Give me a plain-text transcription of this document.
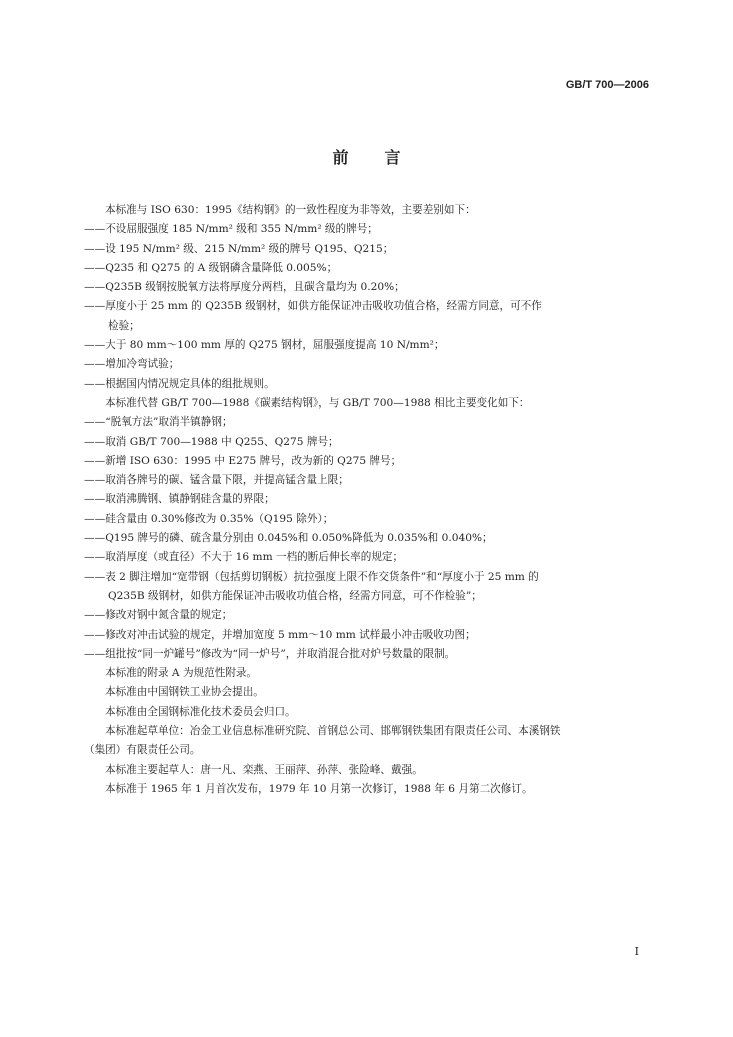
GB/T 700—2006
前 言

本标准与 ISO 630：1995《结构钢》的一致性程度为非等效，主要差别如下：

——不设屈服强度 185 N/mm² 级和 355 N/mm² 级的牌号；

——设 195 N/mm² 级、215 N/mm² 级的牌号 Q195、Q215；

——Q235 和 Q275 的 A 级钢磷含量降低 0.005%；

——Q235B 级钢按脱氧方法将厚度分两档，且碳含量均为 0.20%；

——厚度小于 25 mm 的 Q235B 级钢材，如供方能保证冲击吸收功值合格，经需方同意，可不作

检验；

——大于 80 mm～100 mm 厚的 Q275 钢材，屈服强度提高 10 N/mm²；

——增加冷弯试验；

——根据国内情况规定具体的组批规则。

本标准代替 GB/T 700—1988《碳素结构钢》，与 GB/T 700—1988 相比主要变化如下：

——“脱氧方法”取消半镇静钢；

——取消 GB/T 700—1988 中 Q255、Q275 牌号；

——新增 ISO 630：1995 中 E275 牌号，改为新的 Q275 牌号；

——取消各牌号的碳、锰含量下限，并提高锰含量上限；

——取消沸腾钢、镇静钢硅含量的界限；

——硅含量由 0.30%修改为 0.35%（Q195 除外）；

——Q195 牌号的磷、硫含量分别由 0.045%和 0.050%降低为 0.035%和 0.040%；

——取消厚度（或直径）不大于 16 mm 一档的断后伸长率的规定；

——表 2 脚注增加“宽带钢（包括剪切钢板）抗拉强度上限不作交货条件”和“厚度小于 25 mm 的

Q235B 级钢材，如供方能保证冲击吸收功值合格，经需方同意，可不作检验”；

——修改对钢中氮含量的规定；

——修改对冲击试验的规定，并增加宽度 5 mm～10 mm 试样最小冲击吸收功图；

——组批按“同一炉罐号”修改为“同一炉号”，并取消混合批对炉号数量的限制。

本标准的附录 A 为规范性附录。

本标准由中国钢铁工业协会提出。

本标准由全国钢标准化技术委员会归口。

本标准起草单位：冶金工业信息标准研究院、首钢总公司、邯郸钢铁集团有限责任公司、本溪钢铁

（集团）有限责任公司。

本标准主要起草人：唐一凡、栾燕、王丽萍、孙萍、张险峰、戴强。

本标准于 1965 年 1 月首次发布，1979 年 10 月第一次修订，1988 年 6 月第二次修订。

I
